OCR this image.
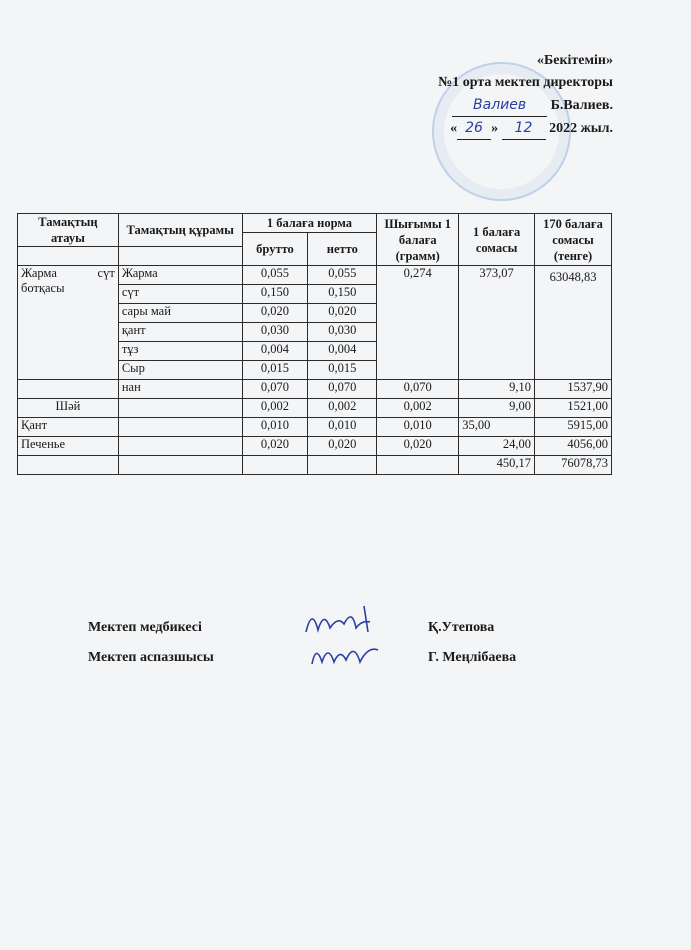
«Бекітемін»
№1 орта мектеп директоры
Валиев Б.Валиев.
« 26 » 12 2022 жыл.
Тамақтың атауы	Тамақтың құрамы	1 балаға норма		Шығымы 1 балаға (грамм)	1 балаға сомасы	170 балаға сомасы (тенге)
		брутто	нетто			

Жарма сүт ботқасы	Жарма	0,055	0,055	0,274	373,07	63048,83
	сүт	0,150	0,150			
	сары май	0,020	0,020			
	қант	0,030	0,030			
	тұз	0,004	0,004			
	Сыр	0,015	0,015			
	нан	0,070	0,070	0,070	9,10	1537,90
Шәй		0,002	0,002	0,002	9,00	1521,00
Қант		0,010	0,010	0,010	35,00	5915,00
Печенье		0,020	0,020	0,020	24,00	4056,00
					450,17	76078,73
Мектеп медбикесі	Қ.Утепова
Мектеп аспазшысы	Г. Меңлібаева
